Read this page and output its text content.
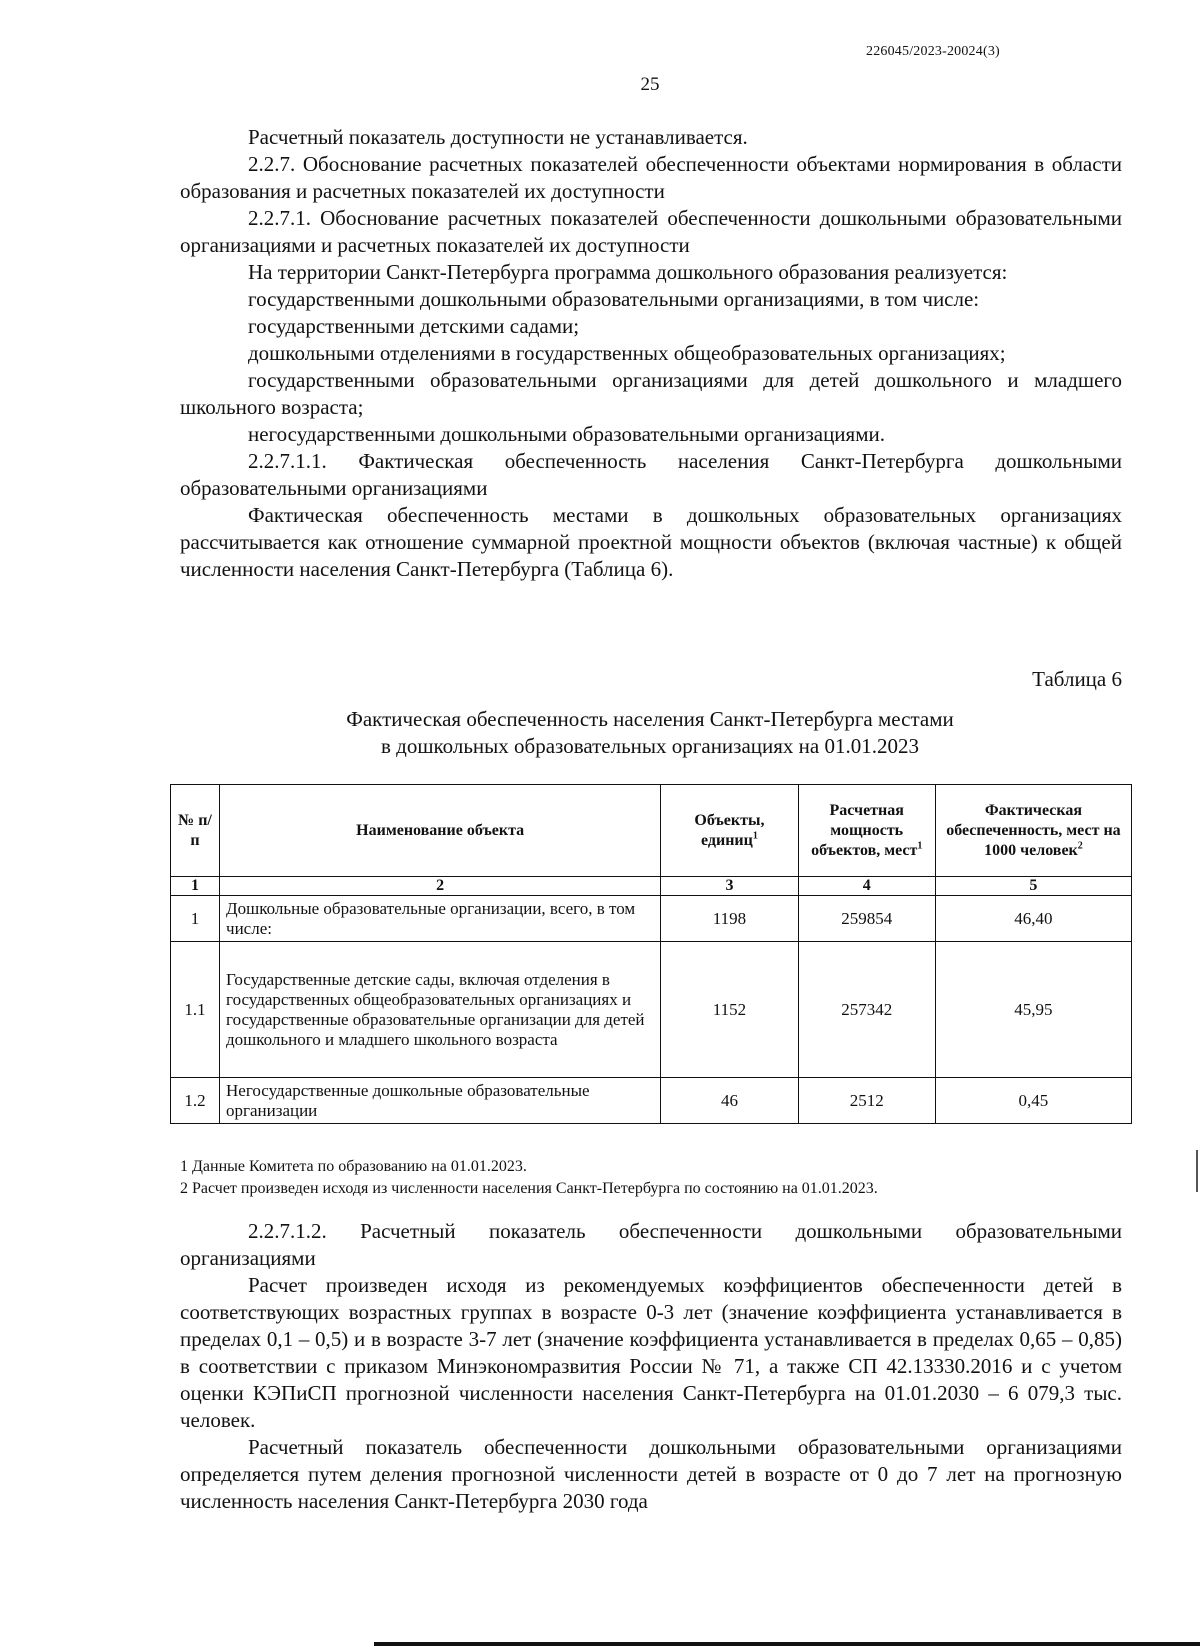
226045/2023-20024(3)
25

Расчетный показатель доступности не устанавливается.

2.2.7. Обоснование расчетных показателей обеспеченности объектами нормирования в области образования и расчетных показателей их доступности

2.2.7.1. Обоснование расчетных показателей обеспеченности дошкольными образовательными организациями и расчетных показателей их доступности

На территории Санкт-Петербурга программа дошкольного образования реализуется:

государственными дошкольными образовательными организациями, в том числе:

государственными детскими садами;

дошкольными отделениями в государственных общеобразовательных организациях;

государственными образовательными организациями для детей дошкольного и младшего школьного возраста;

негосударственными дошкольными образовательными организациями.

2.2.7.1.1. Фактическая обеспеченность населения Санкт-Петербурга дошкольными образовательными организациями

Фактическая обеспеченность местами в дошкольных образовательных организациях рассчитывается как отношение суммарной проектной мощности объектов (включая частные) к общей численности населения Санкт-Петербурга (Таблица 6).

Таблица 6
Фактическая обеспеченность населения Санкт-Петербурга местами
в дошкольных образовательных организациях на 01.01.2023
№ п/п	Наименование объекта	Объекты, единиц$^1$	Расчетная мощность объектов, мест$^1$	Фактическая обеспеченность, мест на 1000 человек$^2$
1	2	3	4	5
1	Дошкольные образовательные организации, всего, в том числе:	1198	259854	46,40
1.1	Государственные детские сады, включая отделения в государственных общеобразовательных организациях и государственные образовательные организации для детей дошкольного и младшего школьного возраста	1152	257342	45,95
1.2	Негосударственные дошкольные образовательные организации	46	2512	0,45
1 Данные Комитета по образованию на 01.01.2023.
2 Расчет произведен исходя из численности населения Санкт-Петербурга по состоянию на 01.01.2023.

2.2.7.1.2. Расчетный показатель обеспеченности дошкольными образовательными организациями

Расчет произведен исходя из рекомендуемых коэффициентов обеспеченности детей в соответствующих возрастных группах в возрасте 0-3 лет (значение коэффициента устанавливается в пределах 0,1 – 0,5) и в возрасте 3-7 лет (значение коэффициента устанавливается в пределах 0,65 – 0,85) в соответствии с приказом Минэкономразвития России № 71, а также СП 42.13330.2016 и с учетом оценки КЭПиСП прогнозной численности населения Санкт-Петербурга на 01.01.2030 – 6 079,3 тыс. человек.

Расчетный показатель обеспеченности дошкольными образовательными организациями определяется путем деления прогнозной численности детей в возрасте от 0 до 7 лет на прогнозную численность населения Санкт-Петербурга 2030 года
